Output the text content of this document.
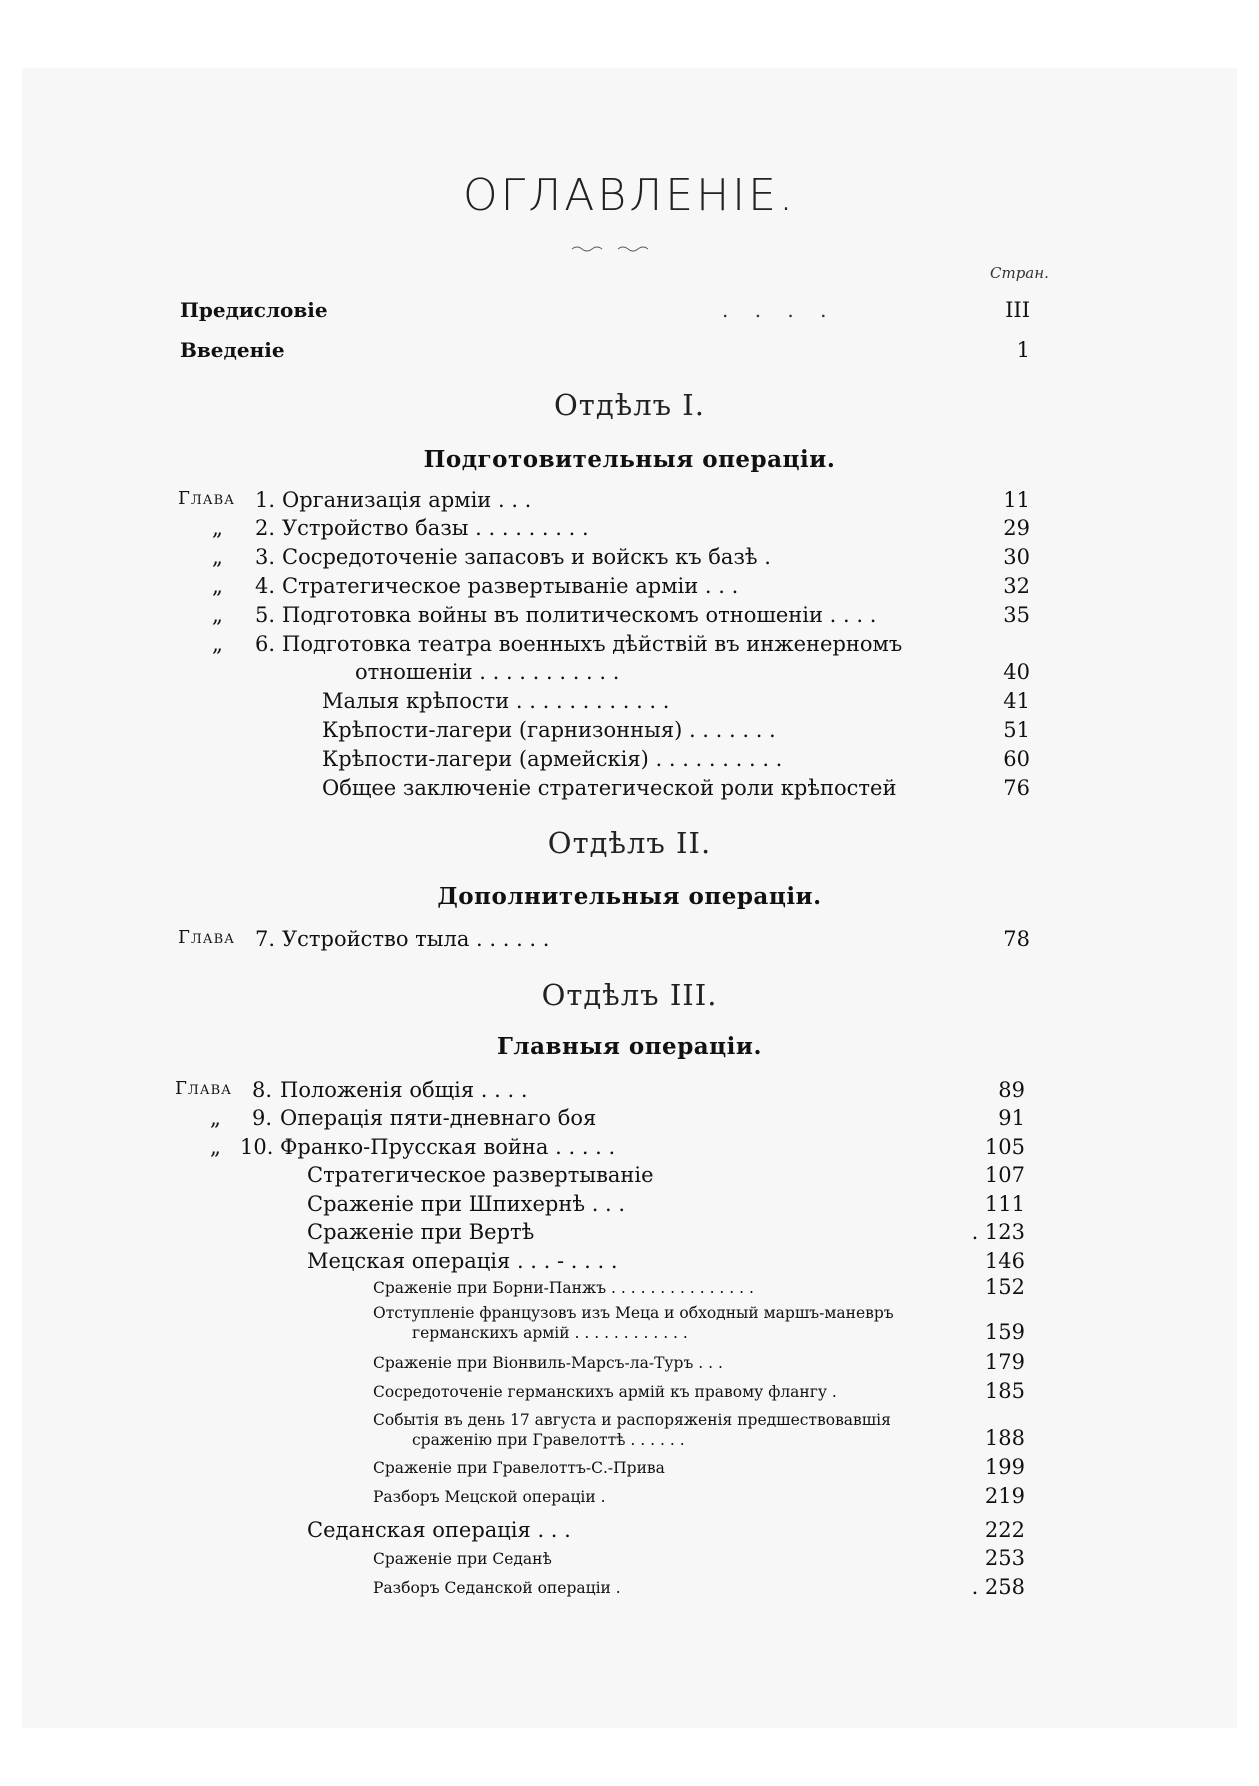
ОГЛАВЛЕНІЕ.
Стран.
Предисловіе	. . . .	III
Введеніе	1
Отдѣлъ I.
Подготовительныя операціи.
Глава 1. Организація арміи . . .	11
„ 2. Устройство базы . . . . . . . . .	29
„ 3. Сосредоточеніе запасовъ и войскъ къ базѣ .	30
„ 4. Стратегическое развертываніе арміи . . .	32
„ 5. Подготовка войны въ политическомъ отношеніи . . . .	35
„ 6. Подготовка театра военныхъ дѣйствій въ инженерномъ
отношеніи . . . . . . . . . . .	40
Малыя крѣпости . . . . . . . . . . . .	41
Крѣпости-лагери (гарнизонныя) . . . . . . .	51
Крѣпости-лагери (армейскія) . . . . . . . . . .	60
Общее заключеніе стратегической роли крѣпостей	76
Отдѣлъ II.
Дополнительныя операціи.
Глава 7. Устройство тыла . . . . . .	78
Отдѣлъ III.
Главныя операціи.
Глава 8. Положенія общія . . . .	89
„ 9. Операція пяти-дневнаго боя	91
„ 10. Франко-Прусская война . . . . .	105
Стратегическое развертываніе	107
Сраженіе при Шпихернѣ . . .	111
Сраженіе при Вертѣ	. 123
Мецская операція . . . - . . . .	146
Сраженіе при Борни-Панжъ . . . . . . . . . . . . . . .	152
Отступленіе французовъ изъ Меца и обходный маршъ-маневръ
германскихъ армій . . . . . . . . . . . .	159
Сраженіе при Віонвиль-Марсъ-ла-Туръ . . .	179
Сосредоточеніе германскихъ армій къ правому флангу .	185
Событія въ день 17 августа и распоряженія предшествовавшія
сраженію при Гравелоттѣ . . . . . .	188
Сраженіе при Гравелоттъ-С.-Прива	199
Разборъ Мецской операціи .	219
Седанская операція . . .	222
Сраженіе при Седанѣ	253
Разборъ Седанской операціи .	. 258
